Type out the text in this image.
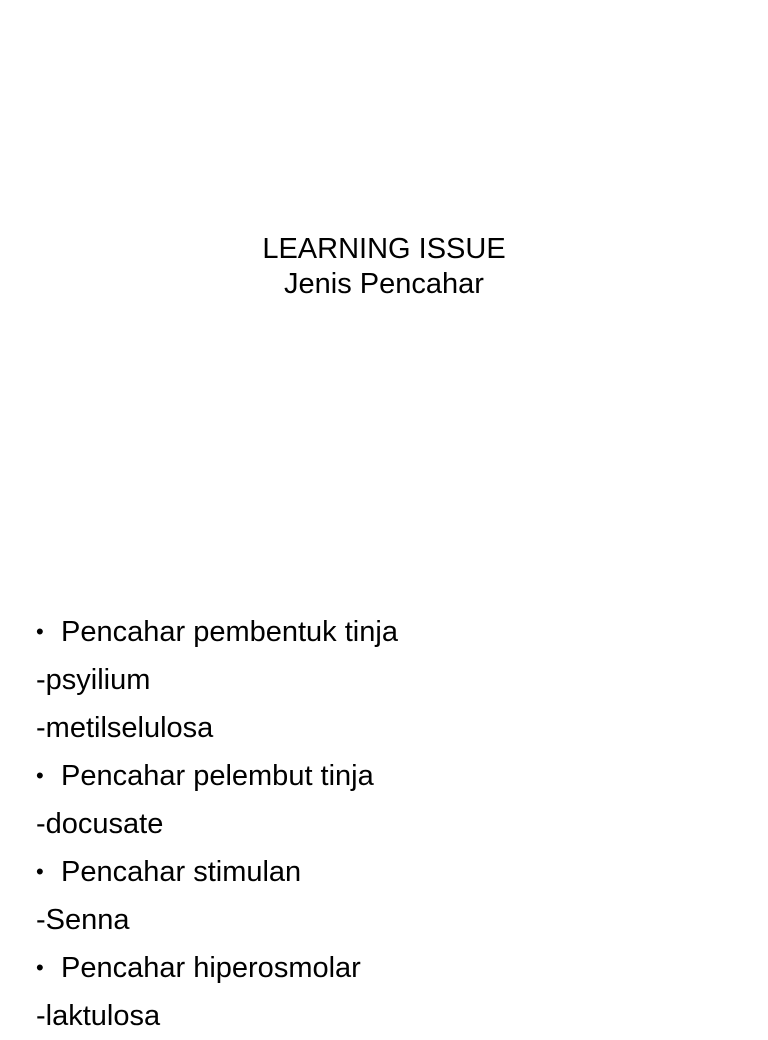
LEARNING ISSUE
Jenis Pencahar
• Pencahar pembentuk tinja
-psyilium
-metilselulosa
• Pencahar pelembut tinja
-docusate
• Pencahar stimulan
-Senna
• Pencahar hiperosmolar
-laktulosa
